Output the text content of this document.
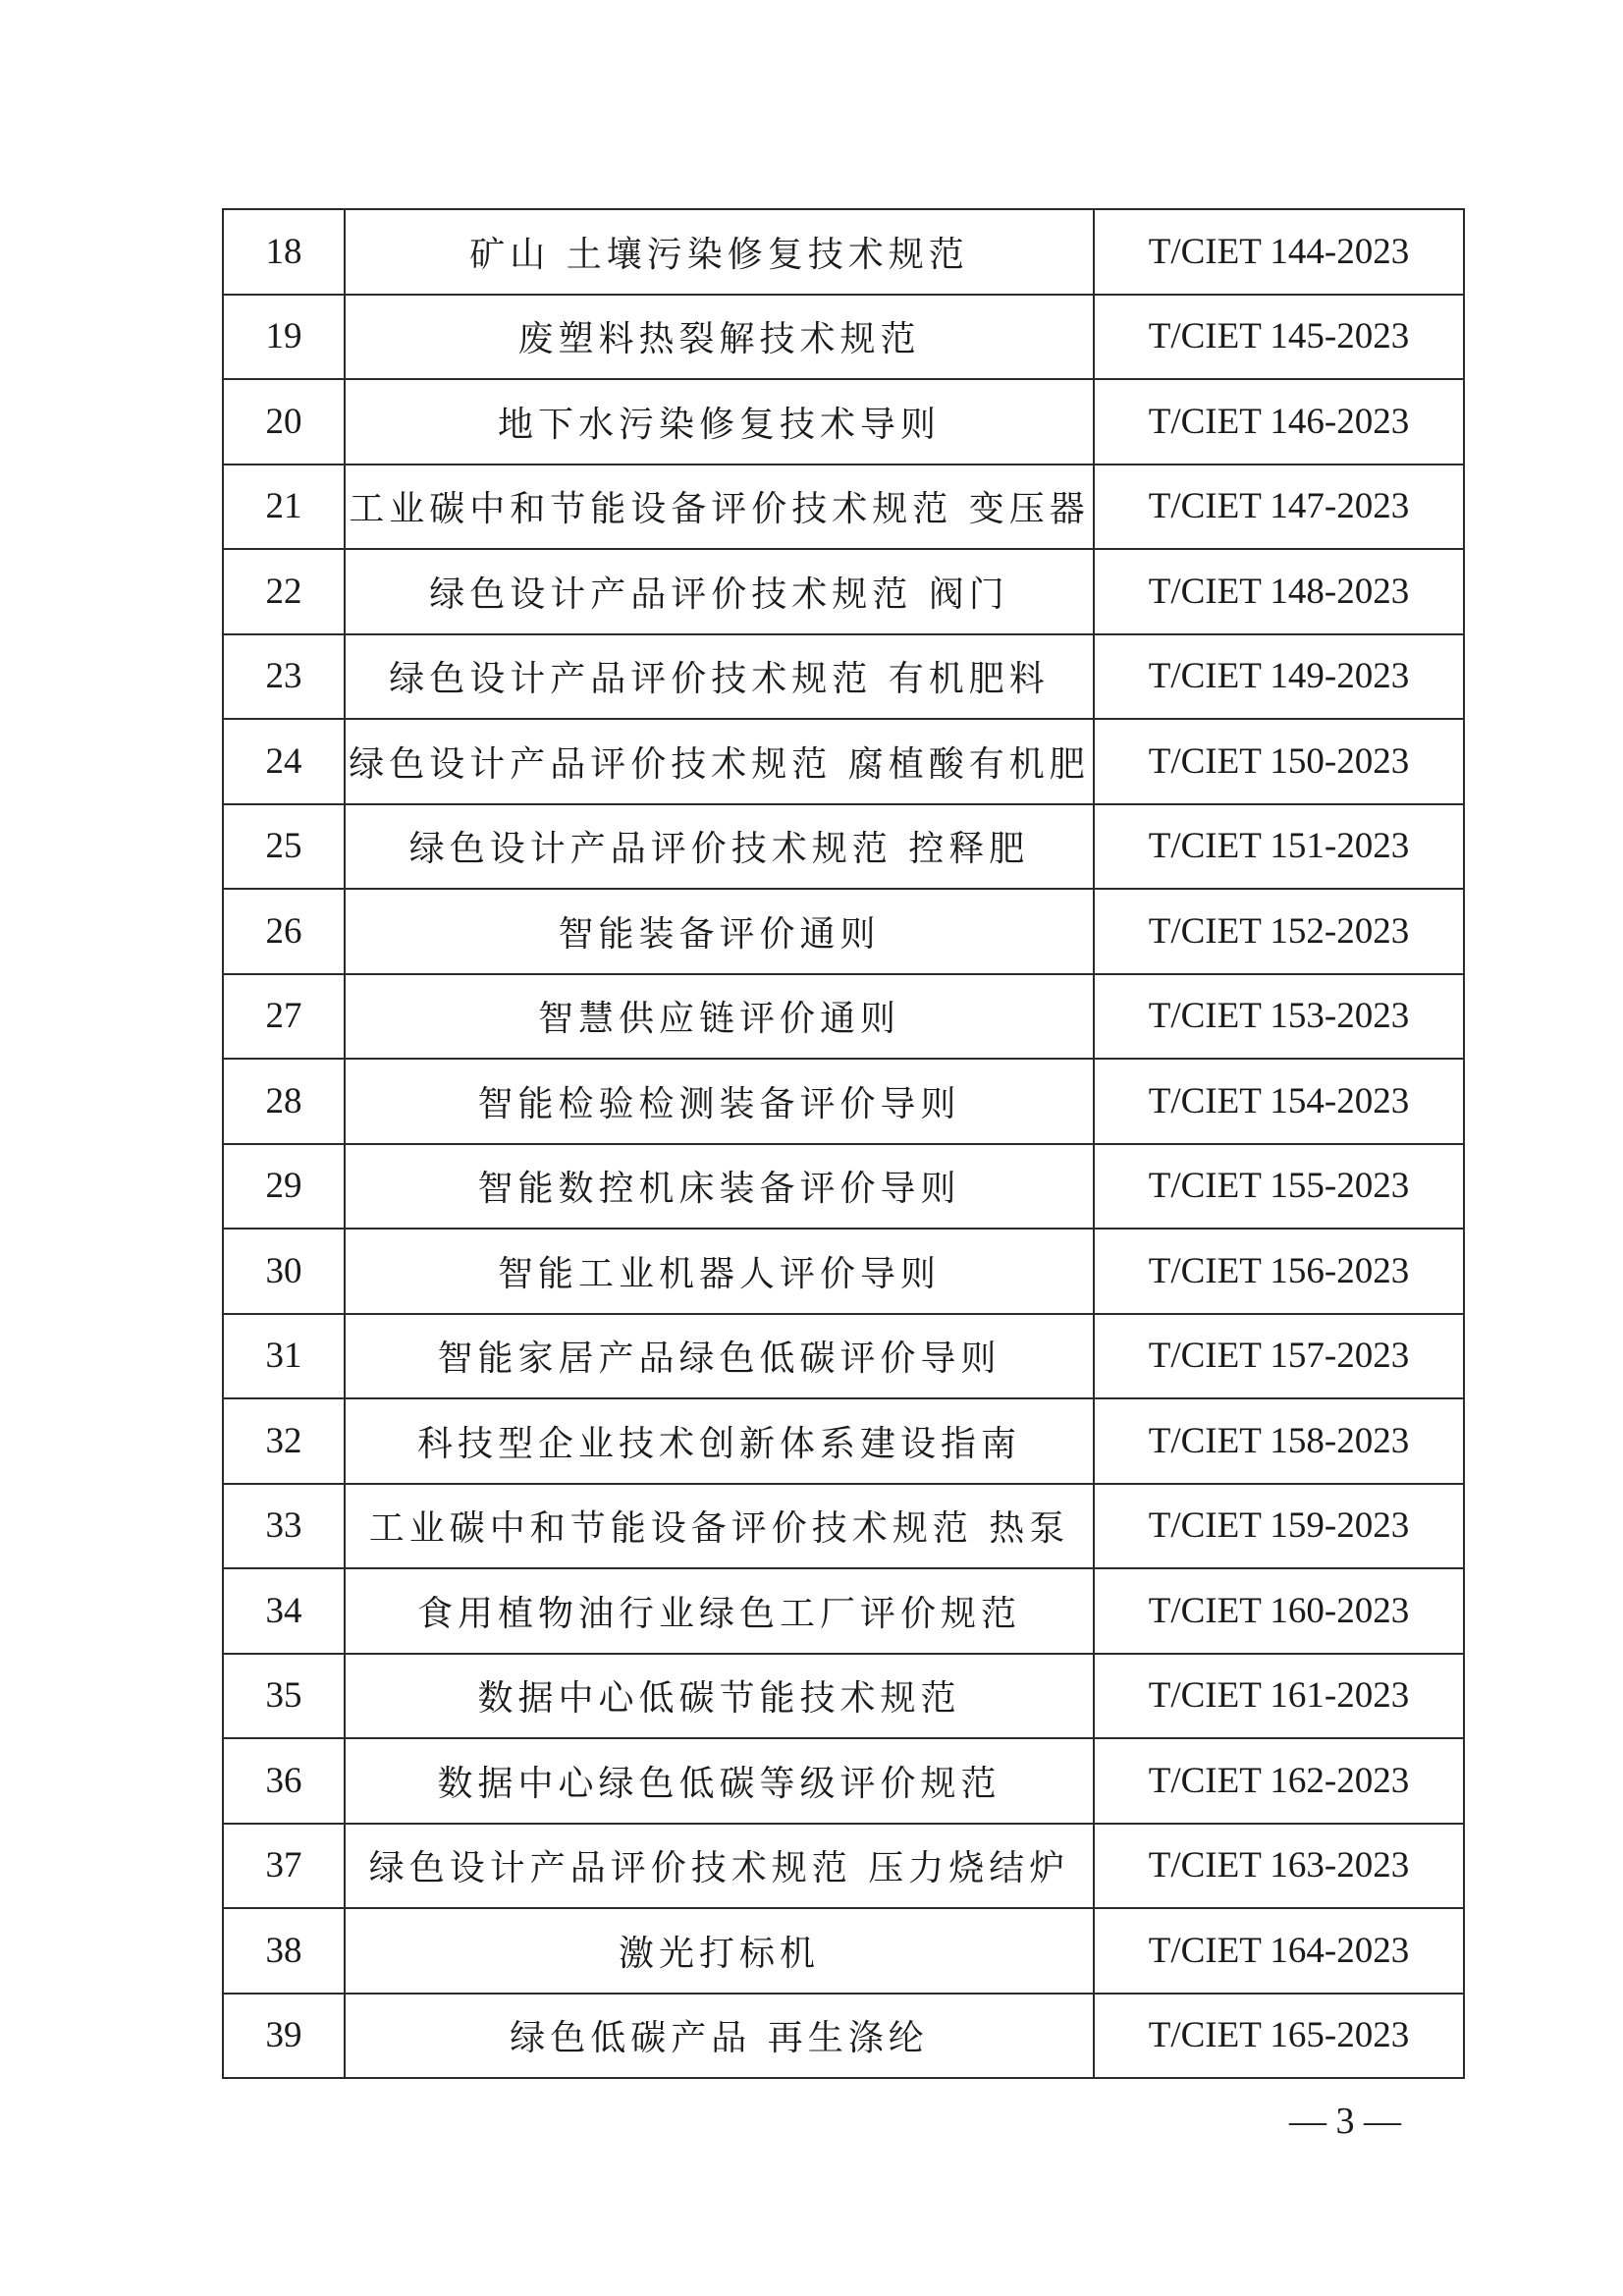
18	矿山 土壤污染修复技术规范	T/CIET 144-2023
19	废塑料热裂解技术规范	T/CIET 145-2023
20	地下水污染修复技术导则	T/CIET 146-2023
21	工业碳中和节能设备评价技术规范 变压器	T/CIET 147-2023
22	绿色设计产品评价技术规范 阀门	T/CIET 148-2023
23	绿色设计产品评价技术规范 有机肥料	T/CIET 149-2023
24	绿色设计产品评价技术规范 腐植酸有机肥	T/CIET 150-2023
25	绿色设计产品评价技术规范 控释肥	T/CIET 151-2023
26	智能装备评价通则	T/CIET 152-2023
27	智慧供应链评价通则	T/CIET 153-2023
28	智能检验检测装备评价导则	T/CIET 154-2023
29	智能数控机床装备评价导则	T/CIET 155-2023
30	智能工业机器人评价导则	T/CIET 156-2023
31	智能家居产品绿色低碳评价导则	T/CIET 157-2023
32	科技型企业技术创新体系建设指南	T/CIET 158-2023
33	工业碳中和节能设备评价技术规范 热泵	T/CIET 159-2023
34	食用植物油行业绿色工厂评价规范	T/CIET 160-2023
35	数据中心低碳节能技术规范	T/CIET 161-2023
36	数据中心绿色低碳等级评价规范	T/CIET 162-2023
37	绿色设计产品评价技术规范 压力烧结炉	T/CIET 163-2023
38	激光打标机	T/CIET 164-2023
39	绿色低碳产品 再生涤纶	T/CIET 165-2023
— 3 —
